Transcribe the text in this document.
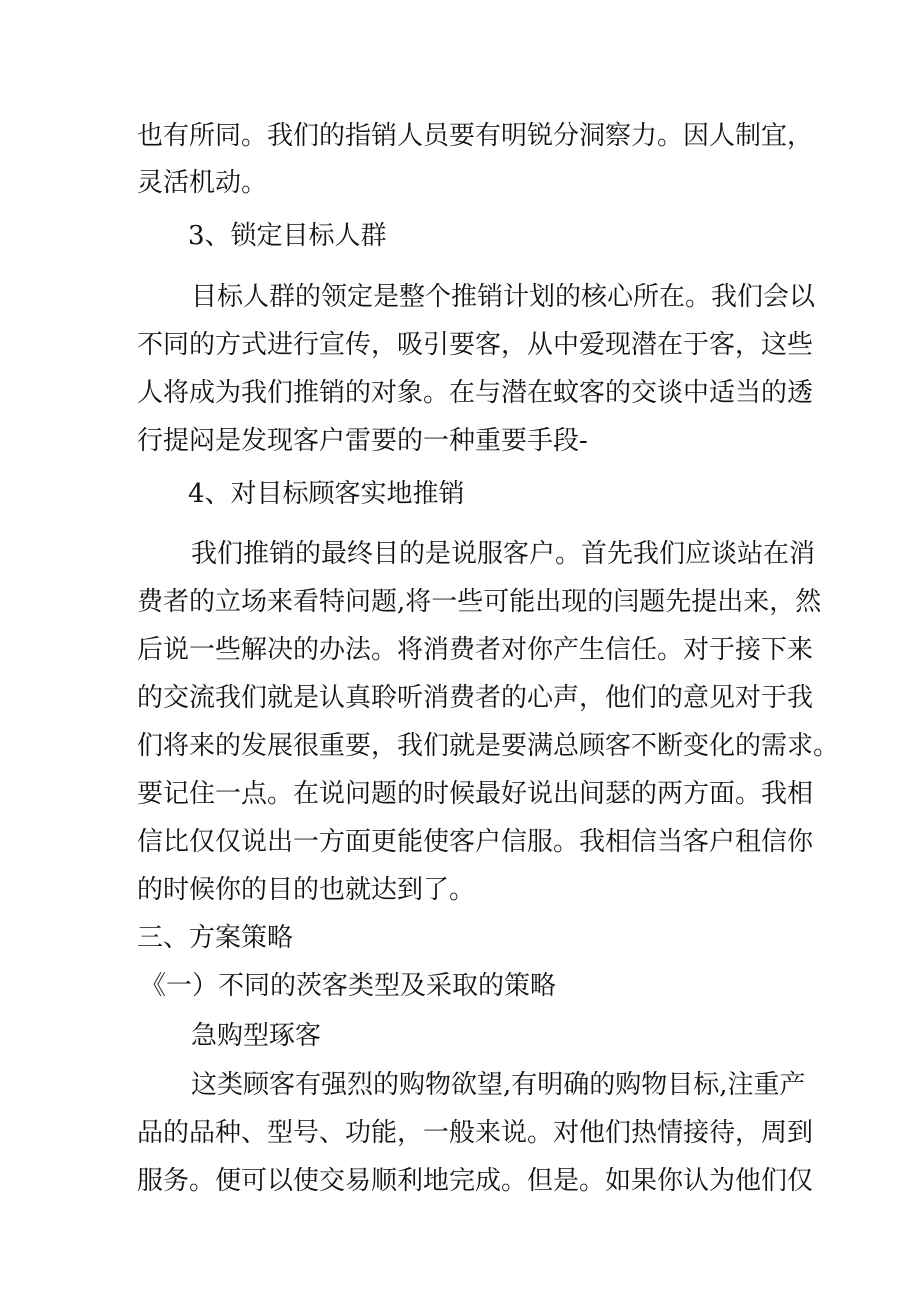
也有所同。我们的指销人员要有明锐分洞察力。因人制宜，
灵活机动。
3、锁定目标人群
目标人群的领定是整个推销计划的核心所在。我们会以
不同的方式进行宣传，吸引要客，从中爱现潜在于客，这些
人将成为我们推销的对象。在与潜在蚊客的交谈中适当的透
行提闷是发现客户雷要的一种重要手段-
4、对目标顾客实地推销
我们推销的最终目的是说服客户。首先我们应谈站在消
费者的立场来看特问题,将一些可能出现的闫题先提出来，然
后说一些解决的办法。将消费者对你产生信任。对于接下来
的交流我们就是认真聆听消费者的心声，他们的意见对于我
们将来的发展很重要，我们就是要满总顾客不断变化的需求。
要记住一点。在说问题的时候最好说出间瑟的两方面。我相
信比仅仅说出一方面更能使客户信服。我相信当客户租信你
的时候你的目的也就达到了。
三、方案策略
《一）不同的茨客类型及采取的策略
急购型琢客
这类顾客有强烈的购物欲望,有明确的购物目标,注重产
品的品种、型号、功能，一般来说。对他们热情接待，周到
服务。便可以使交易顺利地完成。但是。如果你认为他们仅
